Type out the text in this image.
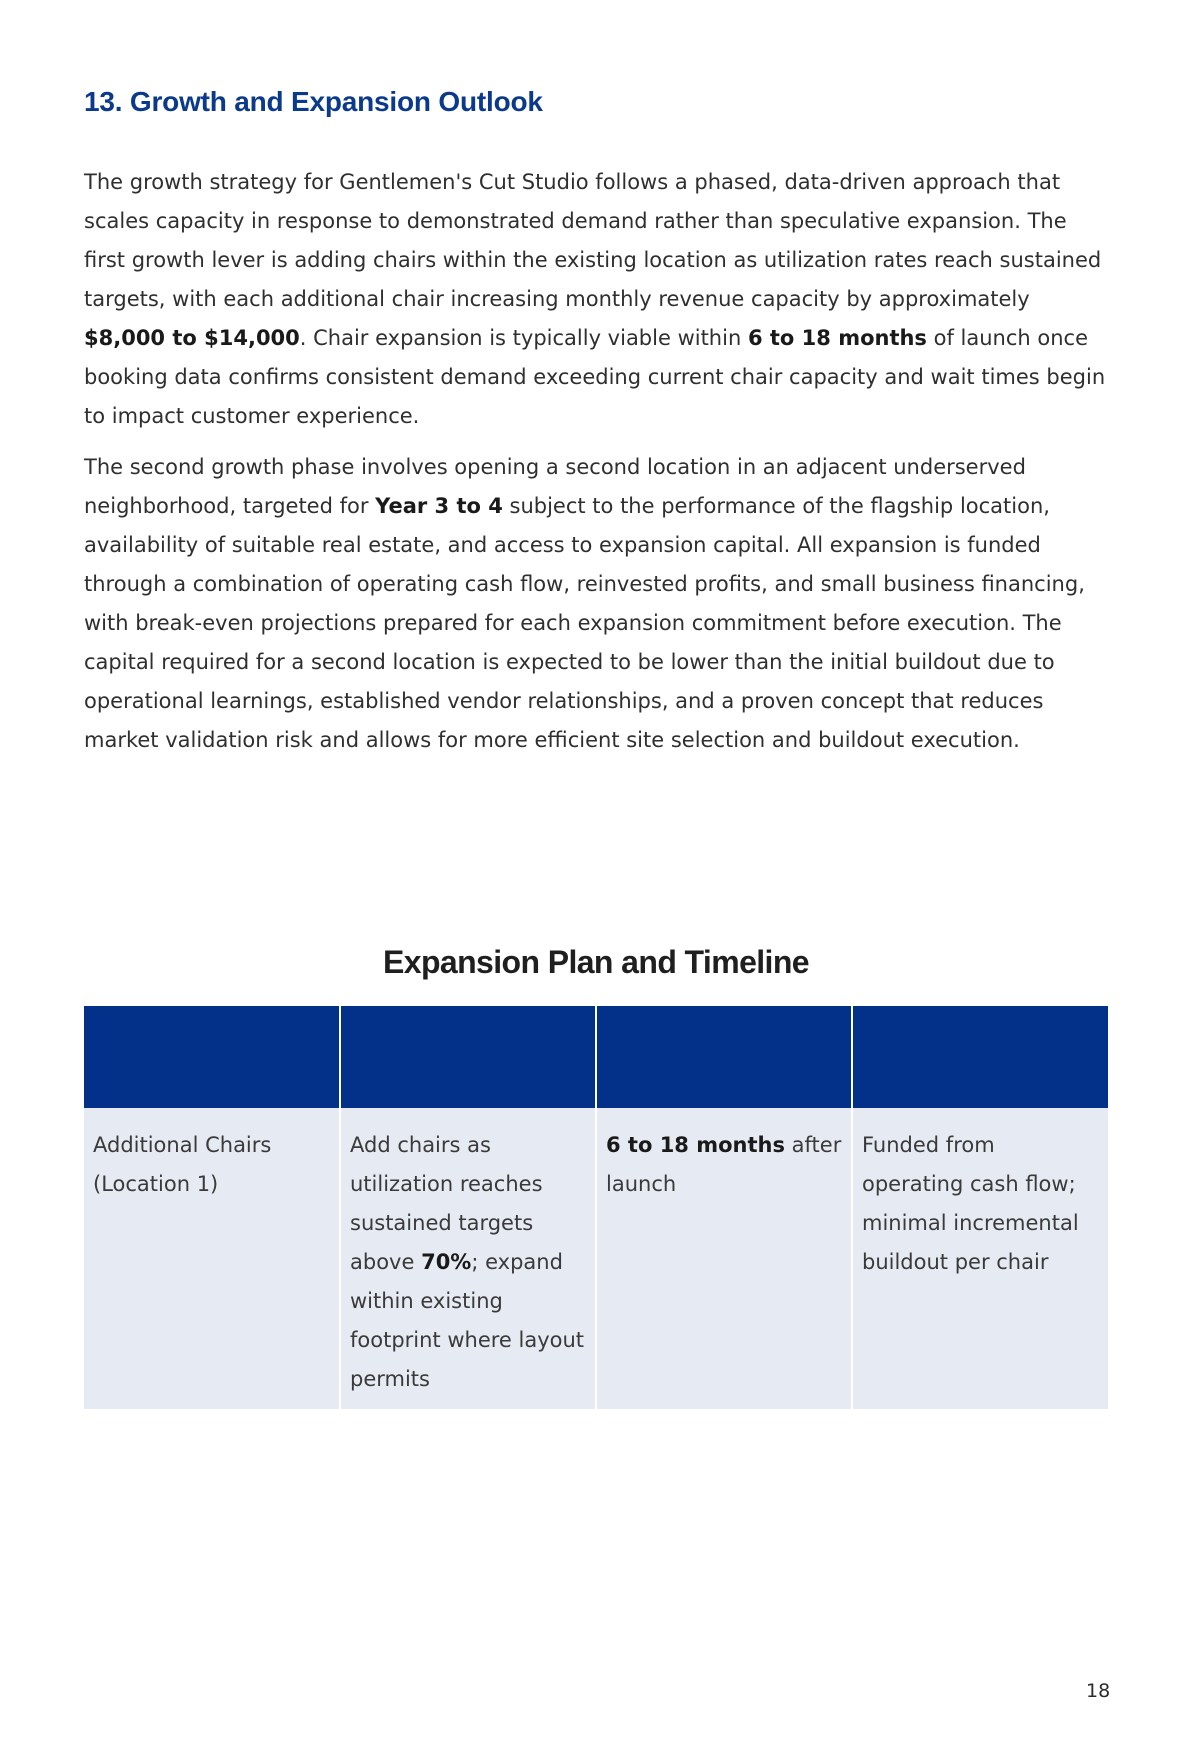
13. Growth and Expansion Outlook

The growth strategy for Gentlemen's Cut Studio follows a phased, data-driven approach that scales capacity in response to demonstrated demand rather than speculative expansion. The first growth lever is adding chairs within the existing location as utilization rates reach sustained targets, with each additional chair increasing monthly revenue capacity by approximately $8,000 to $14,000. Chair expansion is typically viable within 6 to 18 months of launch once booking data confirms consistent demand exceeding current chair capacity and wait times begin to impact customer experience.

The second growth phase involves opening a second location in an adjacent underserved neighborhood, targeted for Year 3 to 4 subject to the performance of the flagship location, availability of suitable real estate, and access to expansion capital. All expansion is funded through a combination of operating cash flow, reinvested profits, and small business financing, with break-even projections prepared for each expansion commitment before execution. The capital required for a second location is expected to be lower than the initial buildout due to operational learnings, established vendor relationships, and a proven concept that reduces market validation risk and allows for more efficient site selection and buildout execution.

Expansion Plan and Timeline

Additional Chairs (Location 1)	Add chairs as utilization reaches sustained targets above 70%; expand within existing footprint where layout permits	6 to 18 months after launch	Funded from operating cash flow; minimal incremental buildout per chair
18
